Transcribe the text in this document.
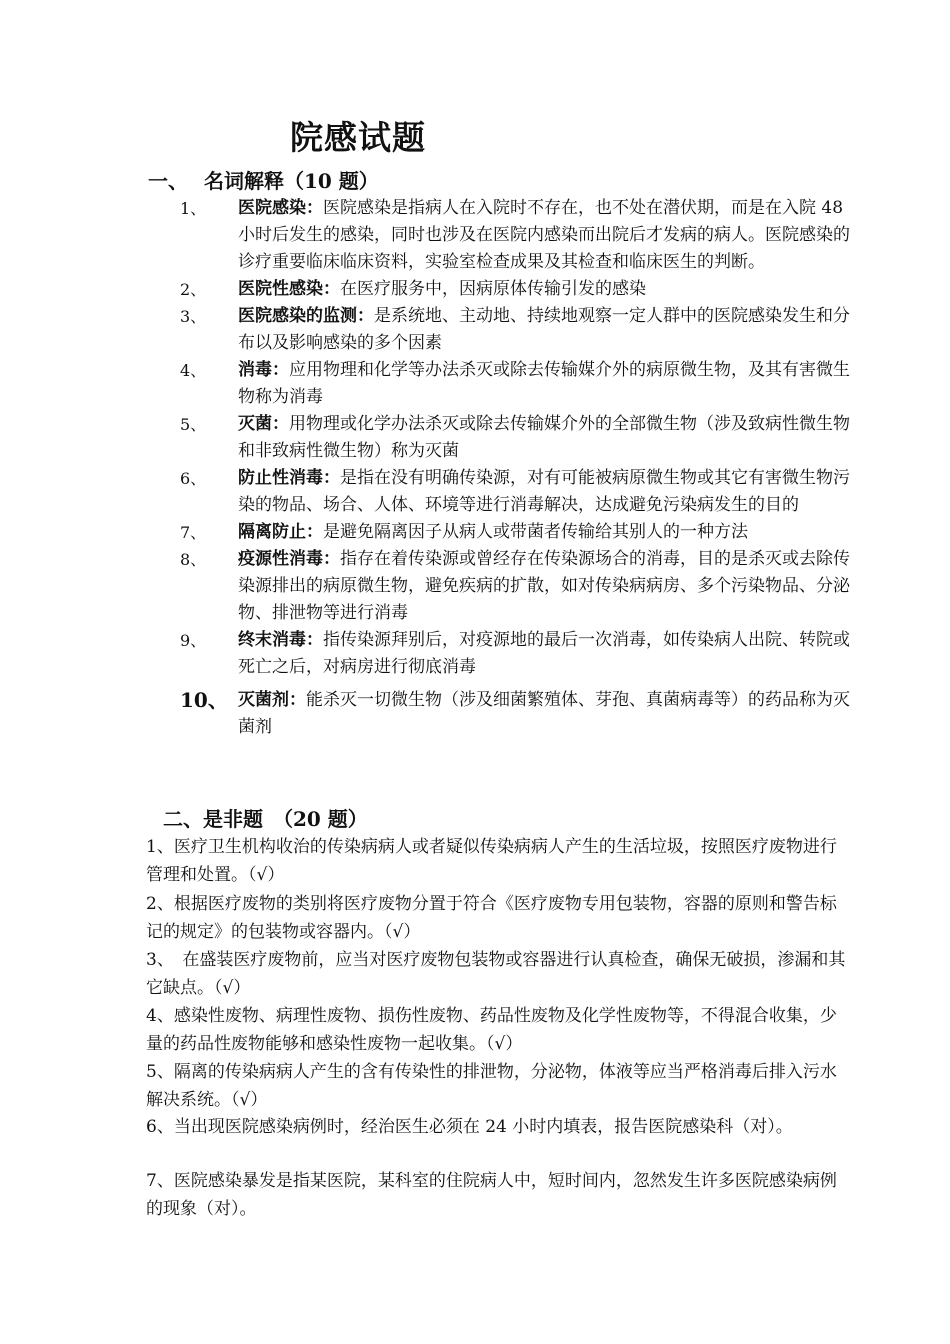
院感试题
一、 名词解释（10 题）
1、 医院感染：医院感染是指病人在入院时不存在，也不处在潜伏期，而是在入院 48 小时后发生的感染，同时也涉及在医院内感染而出院后才发病的病人。医院感染的诊疗重要临床临床资料，实验室检查成果及其检查和临床医生的判断。
2、 医院性感染：在医疗服务中，因病原体传输引发的感染
3、 医院感染的监测：是系统地、主动地、持续地观察一定人群中的医院感染发生和分布以及影响感染的多个因素
4、 消毒：应用物理和化学等办法杀灭或除去传输媒介外的病原微生物，及其有害微生物称为消毒
5、 灭菌：用物理或化学办法杀灭或除去传输媒介外的全部微生物（涉及致病性微生物和非致病性微生物）称为灭菌
6、 防止性消毒：是指在没有明确传染源，对有可能被病原微生物或其它有害微生物污染的物品、场合、人体、环境等进行消毒解决，达成避免污染病发生的目的
7、 隔离防止：是避免隔离因子从病人或带菌者传输给其别人的一种方法
8、 疫源性消毒：指存在着传染源或曾经存在传染源场合的消毒，目的是杀灭或去除传染源排出的病原微生物，避免疾病的扩散，如对传染病病房、多个污染物品、分泌物、排泄物等进行消毒
9、 终末消毒：指传染源拜别后，对疫源地的最后一次消毒，如传染病人出院、转院或死亡之后，对病房进行彻底消毒
10、 灭菌剂：能杀灭一切微生物（涉及细菌繁殖体、芽孢、真菌病毒等）的药品称为灭菌剂
二、是非题　（20 题）
1、医疗卫生机构收治的传染病病人或者疑似传染病病人产生的生活垃圾，按照医疗废物进行管理和处置。（√）
2、根据医疗废物的类别将医疗废物分置于符合《医疗废物专用包装物，容器的原则和警告标记的规定》的包装物或容器内。（√）
3、　在盛装医疗废物前，应当对医疗废物包装物或容器进行认真检查，确保无破损，渗漏和其它缺点。（√）
4、感染性废物、病理性废物、损伤性废物、药品性废物及化学性废物等，不得混合收集，少量的药品性废物能够和感染性废物一起收集。（√）
5、隔离的传染病病人产生的含有传染性的排泄物，分泌物，体液等应当严格消毒后排入污水解决系统。（√）
6、当出现医院感染病例时，经治医生必须在 24 小时内填表，报告医院感染科（对）。
7、医院感染暴发是指某医院，某科室的住院病人中，短时间内，忽然发生许多医院感染病例的现象（对）。
